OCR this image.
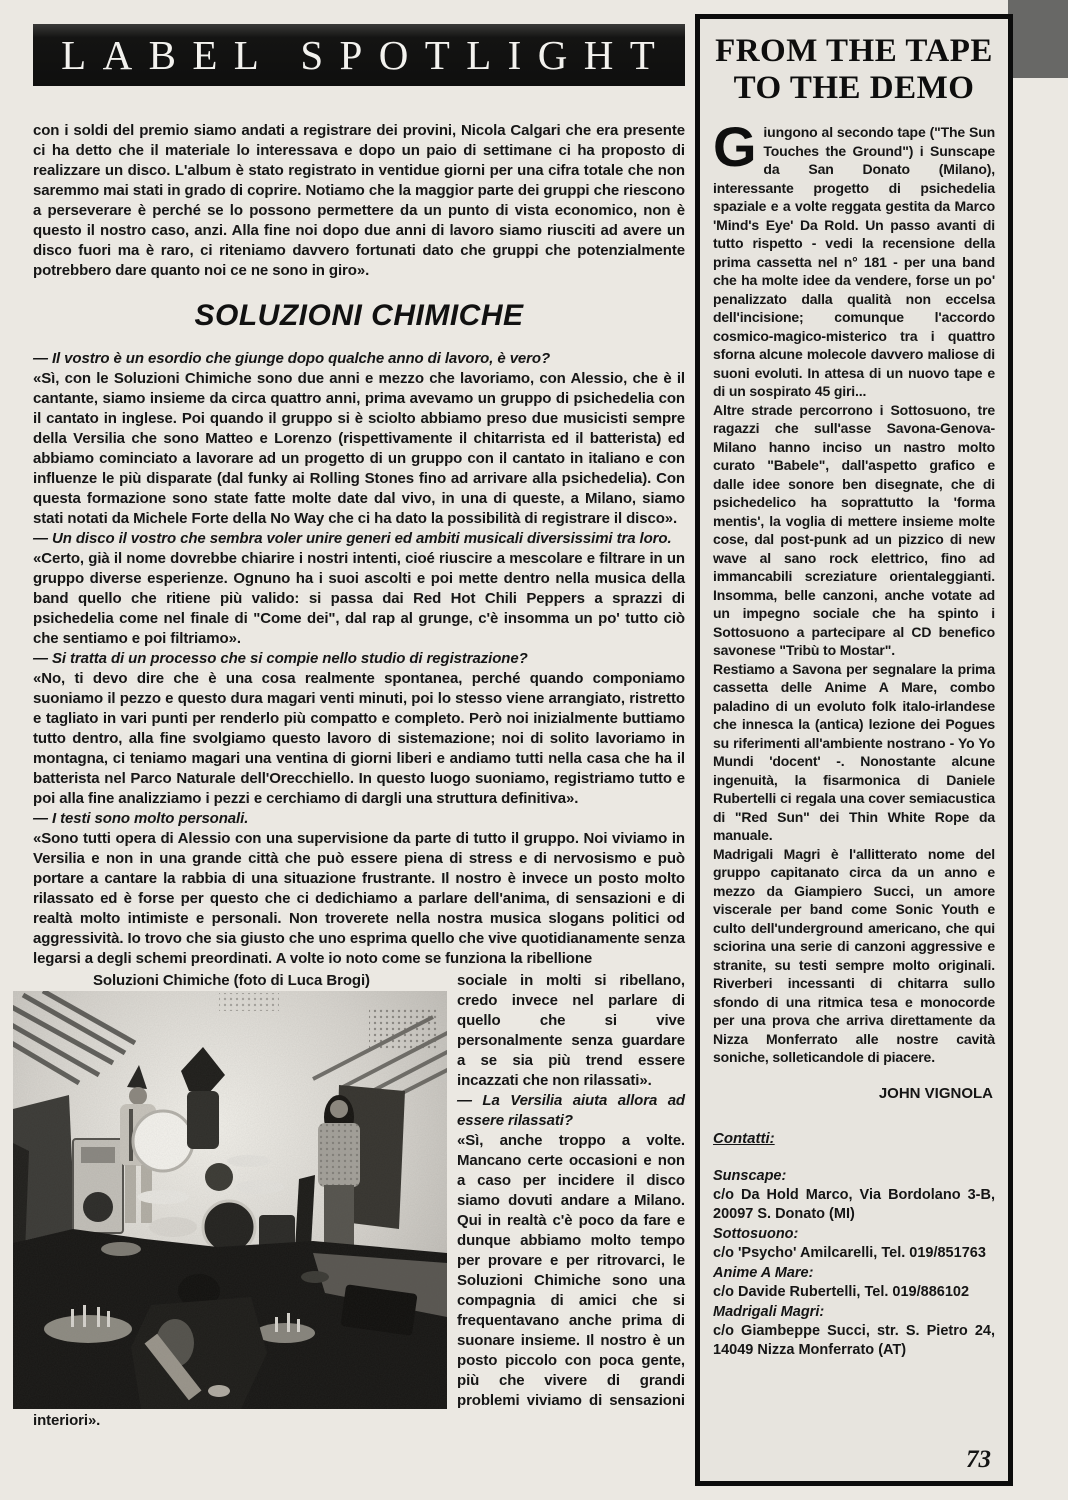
LABEL SPOTLIGHT

con i soldi del premio siamo andati a registrare dei provini, Nicola Calgari che era presente ci ha detto che il materiale lo interessava e dopo un paio di settimane ci ha proposto di realizzare un disco. L'album è stato registrato in ventidue giorni per una cifra totale che non saremmo mai stati in grado di coprire. Notiamo che la maggior parte dei gruppi che riescono a perseverare è perché se lo possono permettere da un punto di vista economico, non è questo il nostro caso, anzi. Alla fine noi dopo due anni di lavoro siamo riusciti ad avere un disco fuori ma è raro, ci riteniamo davvero fortunati dato che gruppi che potenzialmente potrebbero dare quanto noi ce ne sono in giro».

SOLUZIONI CHIMICHE

— Il vostro è un esordio che giunge dopo qualche anno di lavoro, è vero?

«Sì, con le Soluzioni Chimiche sono due anni e mezzo che lavoriamo, con Alessio, che è il cantante, siamo insieme da circa quattro anni, prima avevamo un gruppo di psichedelia con il cantato in inglese. Poi quando il gruppo si è sciolto abbiamo preso due musicisti sempre della Versilia che sono Matteo e Lorenzo (rispettivamente il chitarrista ed il batterista) ed abbiamo cominciato a lavorare ad un progetto di un gruppo con il cantato in italiano e con influenze le più disparate (dal funky ai Rolling Stones fino ad arrivare alla psichedelia). Con questa formazione sono state fatte molte date dal vivo, in una di queste, a Milano, siamo stati notati da Michele Forte della No Way che ci ha dato la possibilità di registrare il disco».

— Un disco il vostro che sembra voler unire generi ed ambiti musicali diversissimi tra loro.

«Certo, già il nome dovrebbe chiarire i nostri intenti, cioé riuscire a mescolare e filtrare in un gruppo diverse esperienze. Ognuno ha i suoi ascolti e poi mette dentro nella musica della band quello che ritiene più valido: si passa dai Red Hot Chili Peppers a sprazzi di psichedelia come nel finale di "Come dei", dal rap al grunge, c'è insomma un po' tutto ciò che sentiamo e poi filtriamo».

— Si tratta di un processo che si compie nello studio di registrazione?

«No, ti devo dire che è una cosa realmente spontanea, perché quando componiamo suoniamo il pezzo e questo dura magari venti minuti, poi lo stesso viene arrangiato, ristretto e tagliato in vari punti per renderlo più compatto e completo. Però noi inizialmente buttiamo tutto dentro, alla fine svolgiamo questo lavoro di sistemazione; noi di solito lavoriamo in montagna, ci teniamo magari una ventina di giorni liberi e andiamo tutti nella casa che ha il batterista nel Parco Naturale dell'Orecchiello. In questo luogo suoniamo, registriamo tutto e poi alla fine analizziamo i pezzi e cerchiamo di dargli una struttura definitiva».

— I testi sono molto personali.

«Sono tutti opera di Alessio con una supervisione da parte di tutto il gruppo. Noi viviamo in Versilia e non in una grande città che può essere piena di stress e di nervosismo e può portare a cantare la rabbia di una situazione frustrante. Il nostro è invece un posto molto rilassato ed è forse per questo che ci dedichiamo a parlare dell'anima, di sensazioni e di realtà molto intimiste e personali. Non troverete nella nostra musica slogans politici od aggressività. Io trovo che sia giusto che uno esprima quello che vive quotidianamente senza legarsi a degli schemi preordinati. A volte io noto come se funziona la ribellione

Soluzioni Chimiche (foto di Luca Brogi)	sociale in molti si ribellano, credo invece nel parlare di quello che si vive personalmente senza guardare a se sia più trend essere incazzati che non rilassati».

— La Versilia aiuta allora ad essere rilassati?

«Sì, anche troppo a volte. Mancano certe occasioni e non a caso per incidere il disco siamo dovuti andare a Milano. Qui in realtà c'è poco da fare e dunque abbiamo molto tempo per provare e per ritrovarci, le Soluzioni Chimiche sono una compagnia di amici che si frequentavano anche prima di suonare insieme. Il nostro è un posto piccolo con poca gente, più che vivere di grandi problemi viviamo di sensazioni interiori».

FROM THE TAPE TO THE DEMO

Giungono al secondo tape ("The Sun Touches the Ground") i Sunscape da San Donato (Milano), interessante progetto di psichedelia spaziale e a volte reggata gestita da Marco 'Mind's Eye' Da Rold. Un passo avanti di tutto rispetto - vedi la recensione della prima cassetta nel n° 181 - per una band che ha molte idee da vendere, forse un po' penalizzato dalla qualità non eccelsa dell'incisione; comunque l'accordo cosmico-magico-misterico tra i quattro sforna alcune molecole davvero maliose di suoni evoluti. In attesa di un nuovo tape e di un sospirato 45 giri...

Altre strade percorrono i Sottosuono, tre ragazzi che sull'asse Savona-Genova-Milano hanno inciso un nastro molto curato "Babele", dall'aspetto grafico e dalle idee sonore ben disegnate, che di psichedelico ha soprattutto la 'forma mentis', la voglia di mettere insieme molte cose, dal post-punk ad un pizzico di new wave al sano rock elettrico, fino ad immancabili screziature orientaleggianti. Insomma, belle canzoni, anche votate ad un impegno sociale che ha spinto i Sottosuono a partecipare al CD benefico savonese "Tribù to Mostar".

Restiamo a Savona per segnalare la prima cassetta delle Anime A Mare, combo paladino di un evoluto folk italo-irlandese che innesca la (antica) lezione dei Pogues su riferimenti all'ambiente nostrano - Yo Yo Mundi 'docent' -. Nonostante alcune ingenuità, la fisarmonica di Daniele Rubertelli ci regala una cover semiacustica di "Red Sun" dei Thin White Rope da manuale.

Madrigali Magri è l'allitterato nome del gruppo capitanato circa da un anno e mezzo da Giampiero Succi, un amore viscerale per band come Sonic Youth e culto dell'underground americano, che qui sciorina una serie di canzoni aggressive e stranite, su testi sempre molto originali. Riverberi incessanti di chitarra sullo sfondo di una ritmica tesa e monocorde per una prova che arriva direttamente da Nizza Monferrato alle nostre cavità soniche, solleticandole di piacere.

JOHN VIGNOLA

Contatti:

Sunscape:

c/o Da Hold Marco, Via Bordolano 3-B, 20097 S. Donato (MI)

Sottosuono:

c/o 'Psycho' Amilcarelli, Tel. 019/851763

Anime A Mare:

c/o Davide Rubertelli, Tel. 019/886102

Madrigali Magri:

c/o Giambeppe Succi, str. S. Pietro 24, 14049 Nizza Monferrato (AT)

73
